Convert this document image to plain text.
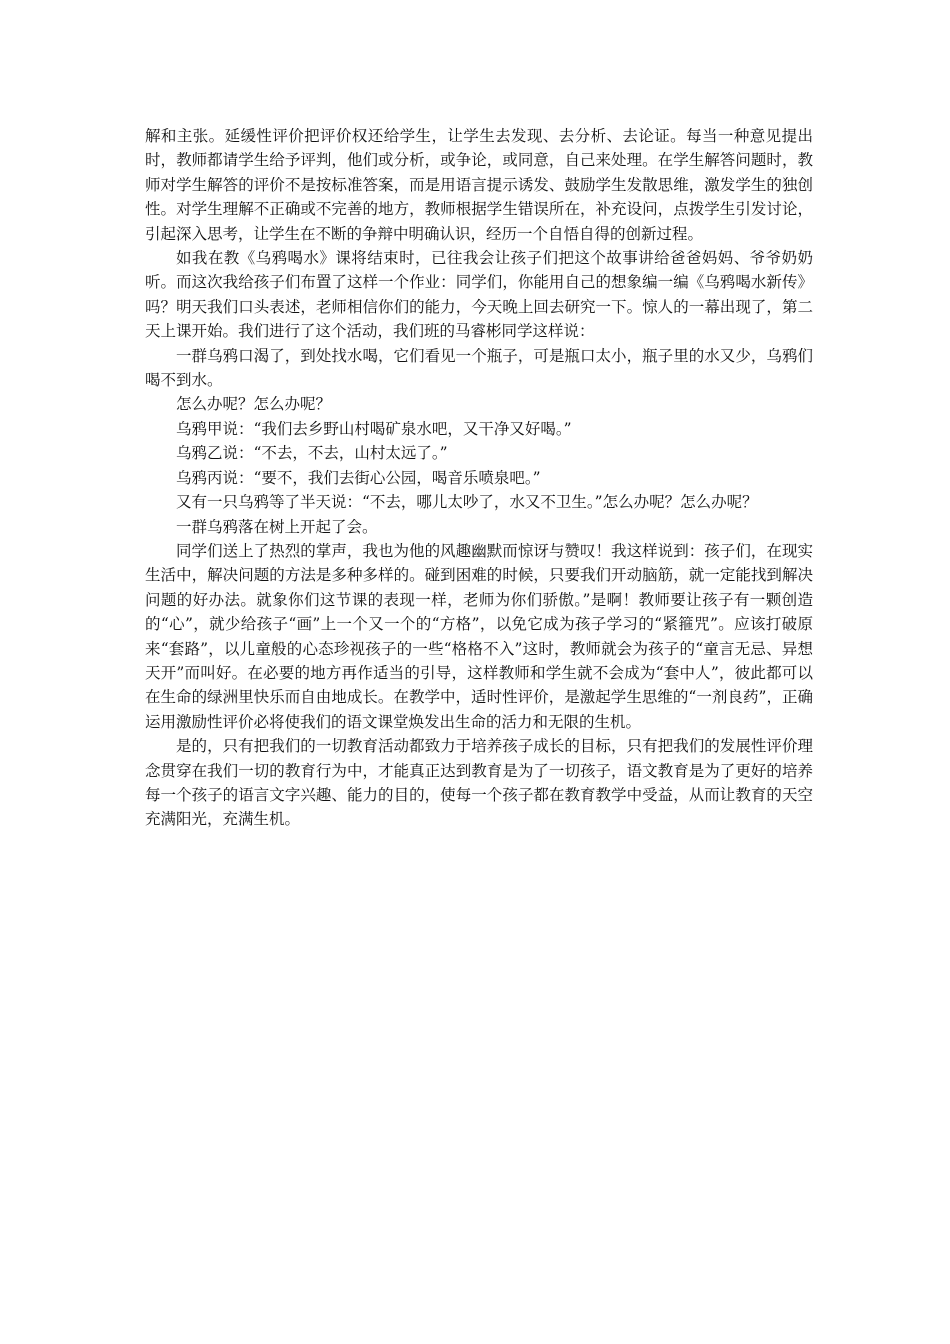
解和主张。延缓性评价把评价权还给学生，让学生去发现、去分析、去论证。每当一种意见提出时，教师都请学生给予评判，他们或分析，或争论，或同意，自己来处理。在学生解答问题时，教师对学生解答的评价不是按标准答案，而是用语言提示诱发、鼓励学生发散思维，激发学生的独创性。对学生理解不正确或不完善的地方，教师根据学生错误所在，补充设问，点拨学生引发讨论，引起深入思考，让学生在不断的争辩中明确认识，经历一个自悟自得的创新过程。

如我在教《乌鸦喝水》课将结束时，已往我会让孩子们把这个故事讲给爸爸妈妈、爷爷奶奶听。而这次我给孩子们布置了这样一个作业：同学们，你能用自己的想象编一编《乌鸦喝水新传》吗？明天我们口头表述，老师相信你们的能力，今天晚上回去研究一下。惊人的一幕出现了，第二天上课开始。我们进行了这个活动，我们班的马睿彬同学这样说：

一群乌鸦口渴了，到处找水喝，它们看见一个瓶子，可是瓶口太小，瓶子里的水又少，乌鸦们喝不到水。

怎么办呢？怎么办呢？

乌鸦甲说：“我们去乡野山村喝矿泉水吧，又干净又好喝。”

乌鸦乙说：“不去，不去，山村太远了。”

乌鸦丙说：“要不，我们去街心公园，喝音乐喷泉吧。”

又有一只乌鸦等了半天说：“不去，哪儿太吵了，水又不卫生。”怎么办呢？怎么办呢？

一群乌鸦落在树上开起了会。

同学们送上了热烈的掌声，我也为他的风趣幽默而惊讶与赞叹！我这样说到：孩子们，在现实生活中，解决问题的方法是多种多样的。碰到困难的时候，只要我们开动脑筋，就一定能找到解决问题的好办法。就象你们这节课的表现一样，老师为你们骄傲。”是啊！教师要让孩子有一颗创造的“心”，就少给孩子“画”上一个又一个的“方格”，以免它成为孩子学习的“紧箍咒”。应该打破原来“套路”，以儿童般的心态珍视孩子的一些“格格不入”这时，教师就会为孩子的“童言无忌、异想天开”而叫好。在必要的地方再作适当的引导，这样教师和学生就不会成为“套中人”，彼此都可以在生命的绿洲里快乐而自由地成长。在教学中，适时性评价，是激起学生思维的“一剂良药”，正确运用激励性评价必将使我们的语文课堂焕发出生命的活力和无限的生机。

是的，只有把我们的一切教育活动都致力于培养孩子成长的目标，只有把我们的发展性评价理念贯穿在我们一切的教育行为中，才能真正达到教育是为了一切孩子，语文教育是为了更好的培养每一个孩子的语言文字兴趣、能力的目的，使每一个孩子都在教育教学中受益，从而让教育的天空充满阳光，充满生机。
